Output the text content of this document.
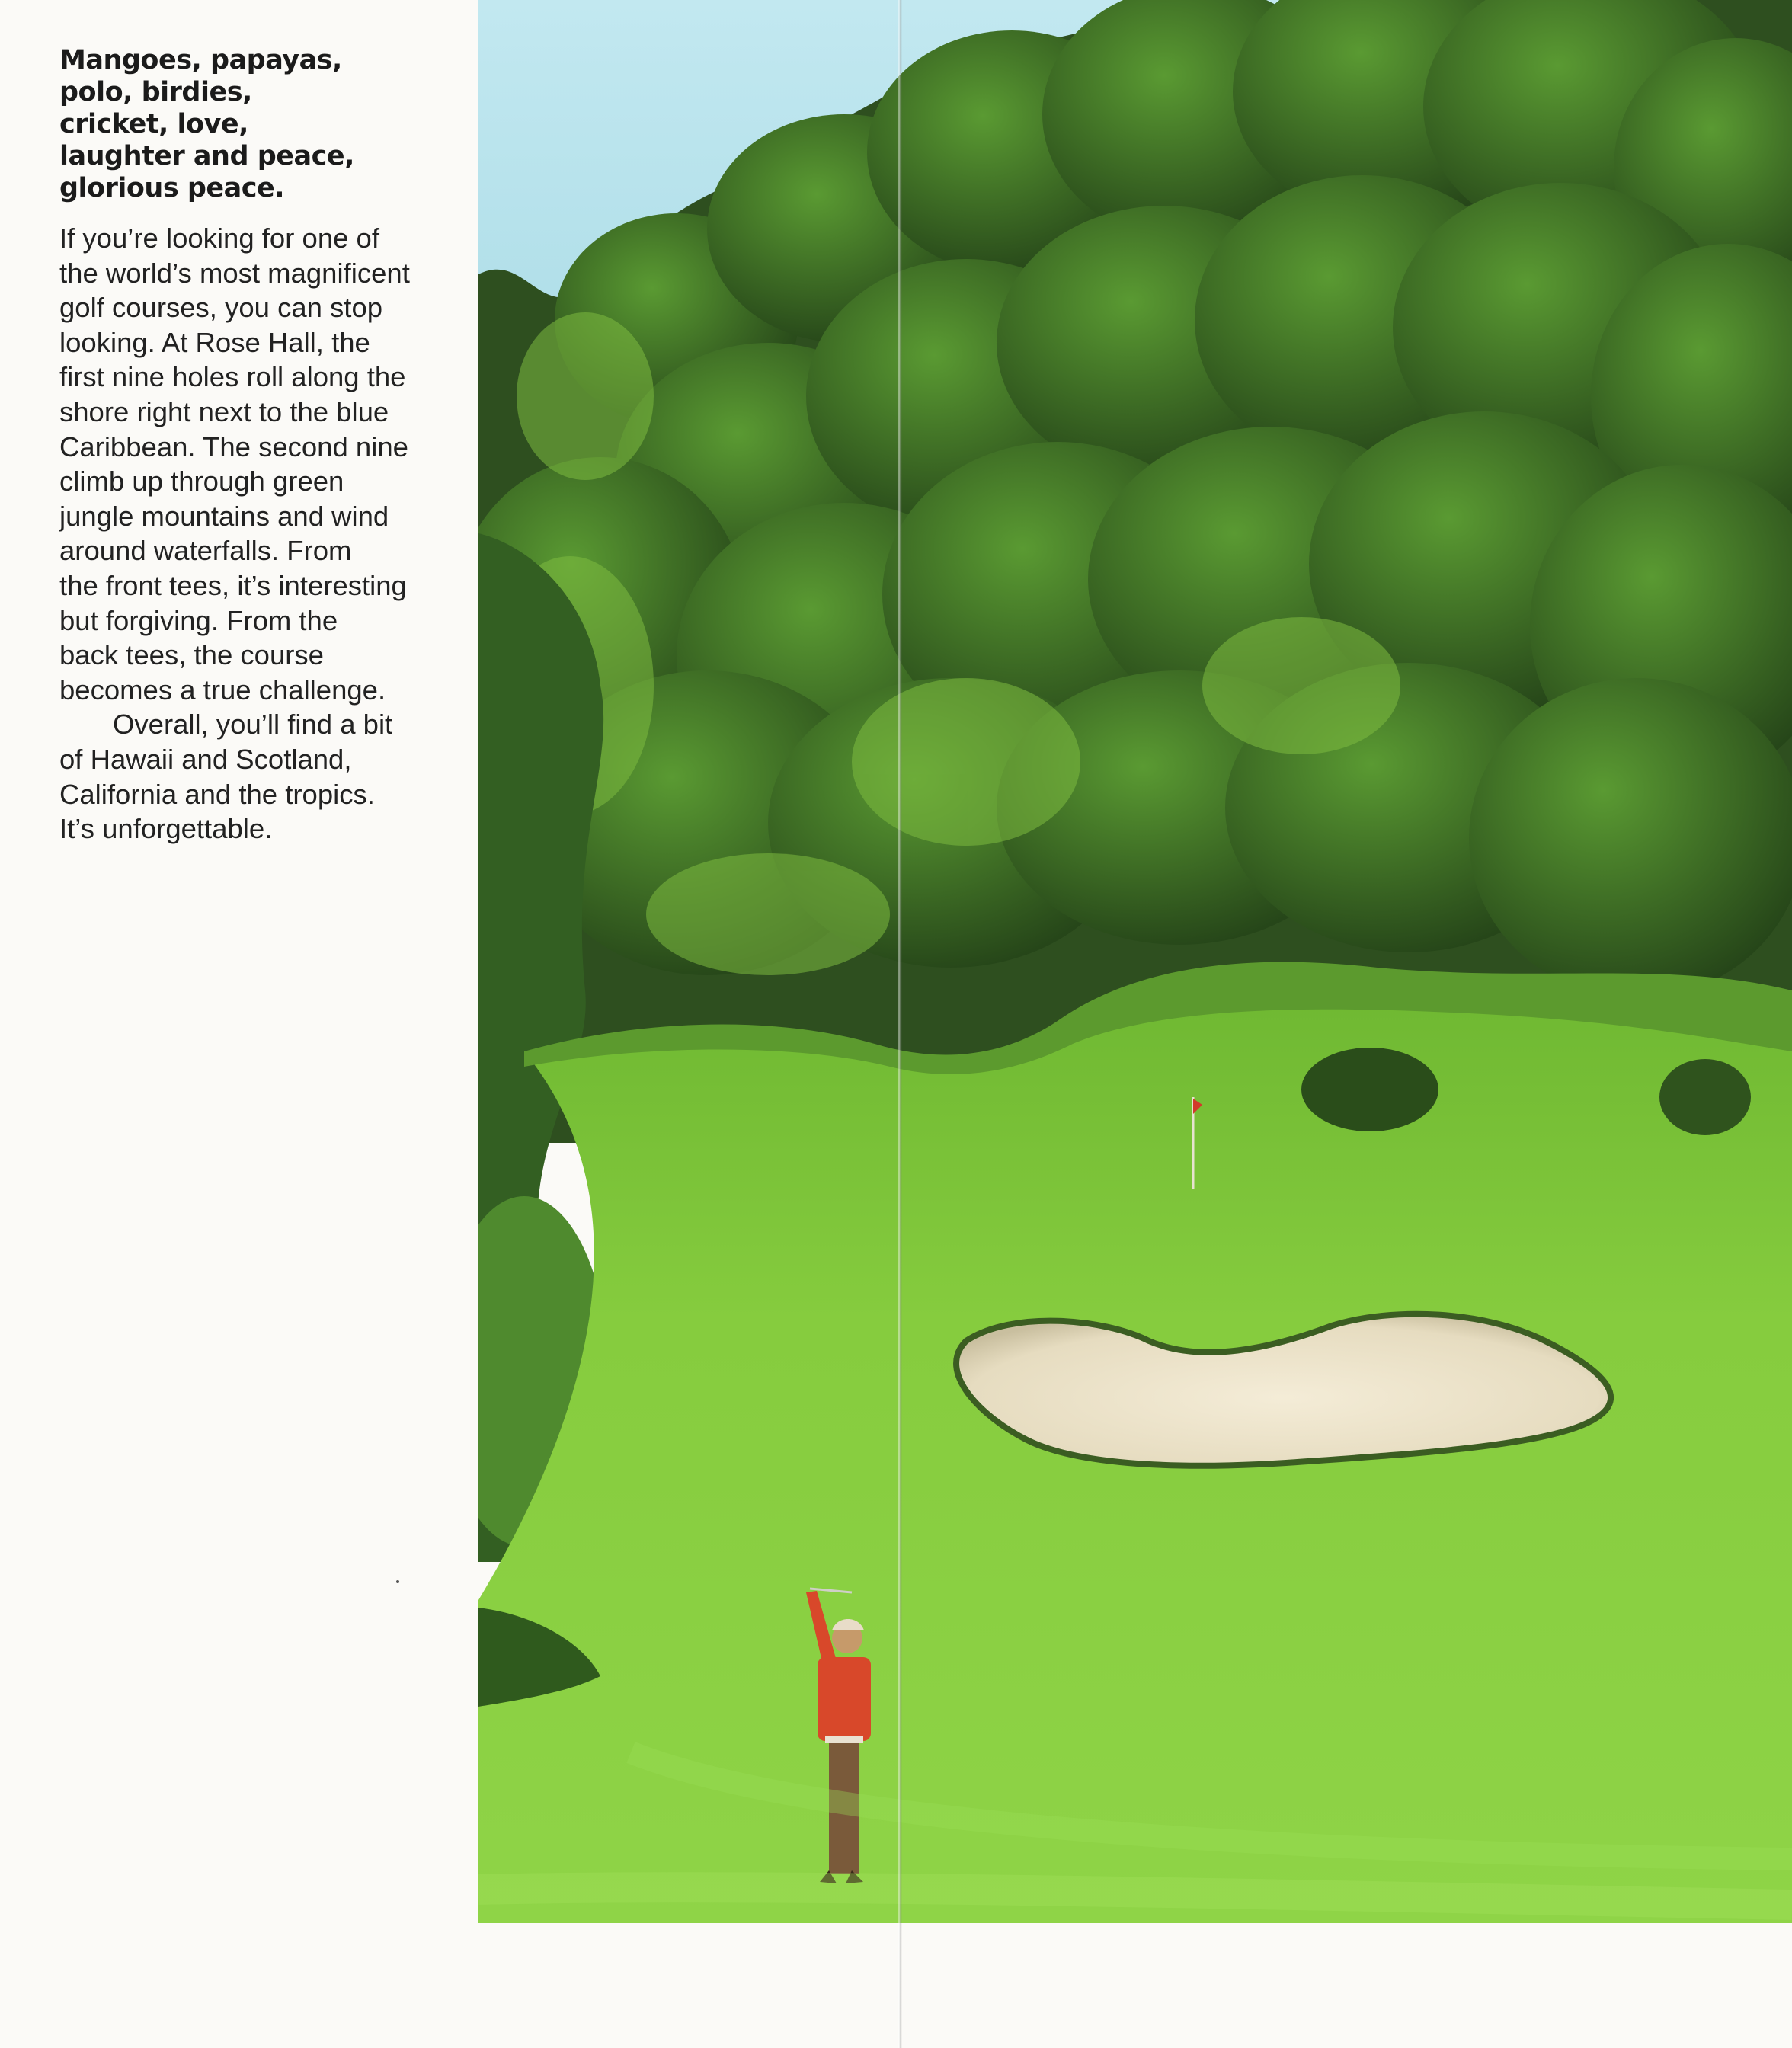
Mangoes, papayas,
polo, birdies,
cricket, love,
laughter and peace,
glorious peace.

If you’re looking for one of
the world’s most magnificent
golf courses, you can stop
looking. At Rose Hall, the
first nine holes roll along the
shore right next to the blue
Caribbean. The second nine
climb up through green
jungle mountains and wind
around waterfalls. From
the front tees, it’s interesting
but forgiving. From the
back tees, the course
becomes a true challenge.

Overall, you’ll find a bit
of Hawaii and Scotland,
California and the tropics.
It’s unforgettable.
